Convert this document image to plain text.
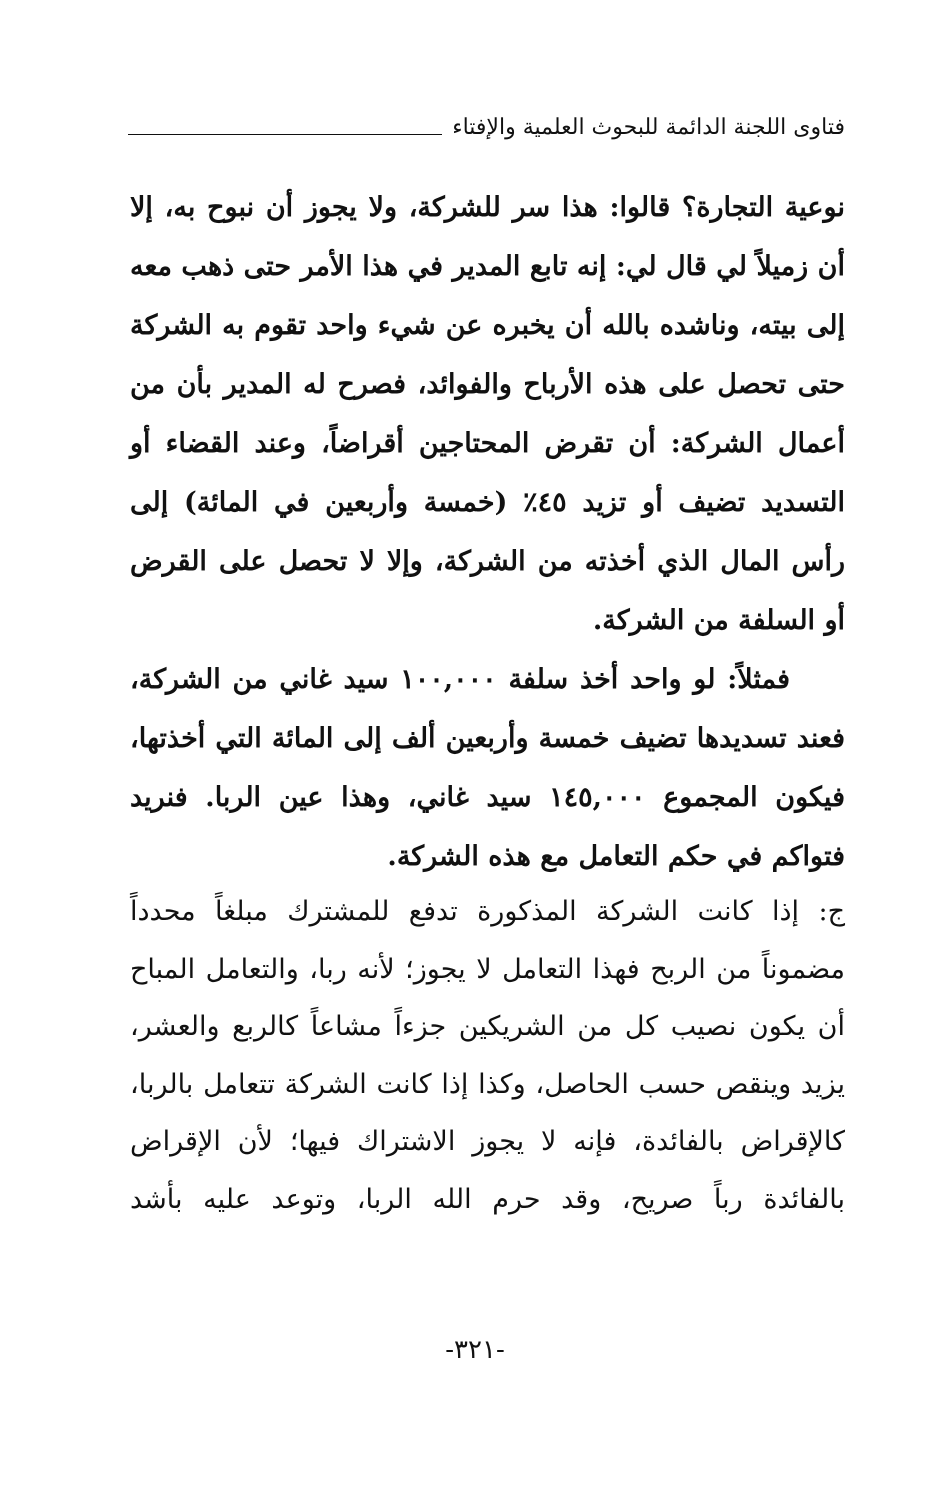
فتاوى اللجنة الدائمة للبحوث العلمية والإفتاء

نوعية التجارة؟ قالوا: هذا سر للشركة، ولا يجوز أن نبوح به، إلا أن زميلاً لي قال لي: إنه تابع المدير في هذا الأمر حتى ذهب معه إلى بيته، وناشده بالله أن يخبره عن شيء واحد تقوم به الشركة حتى تحصل على هذه الأرباح والفوائد، فصرح له المدير بأن من أعمال الشركة: أن تقرض المحتاجين أقراضاً، وعند القضاء أو التسديد تضيف أو تزيد ٤٥٪ (خمسة وأربعين في المائة) إلى رأس المال الذي أخذته من الشركة، وإلا لا تحصل على القرض أو السلفة من الشركة.

فمثلاً: لو واحد أخذ سلفة ١٠٠,٠٠٠ سيد غاني من الشركة، فعند تسديدها تضيف خمسة وأربعين ألف إلى المائة التي أخذتها، فيكون المجموع ١٤٥,٠٠٠ سيد غاني، وهذا عين الربا. فنريد فتواكم في حكم التعامل مع هذه الشركة.

ج: إذا كانت الشركة المذكورة تدفع للمشترك مبلغاً محدداً مضموناً من الربح فهذا التعامل لا يجوز؛ لأنه ربا، والتعامل المباح أن يكون نصيب كل من الشريكين جزءاً مشاعاً كالربع والعشر، يزيد وينقص حسب الحاصل، وكذا إذا كانت الشركة تتعامل بالربا، كالإقراض بالفائدة، فإنه لا يجوز الاشتراك فيها؛ لأن الإقراض بالفائدة رباً صريح، وقد حرم الله الربا، وتوعد عليه بأشد

-٣٢١-
